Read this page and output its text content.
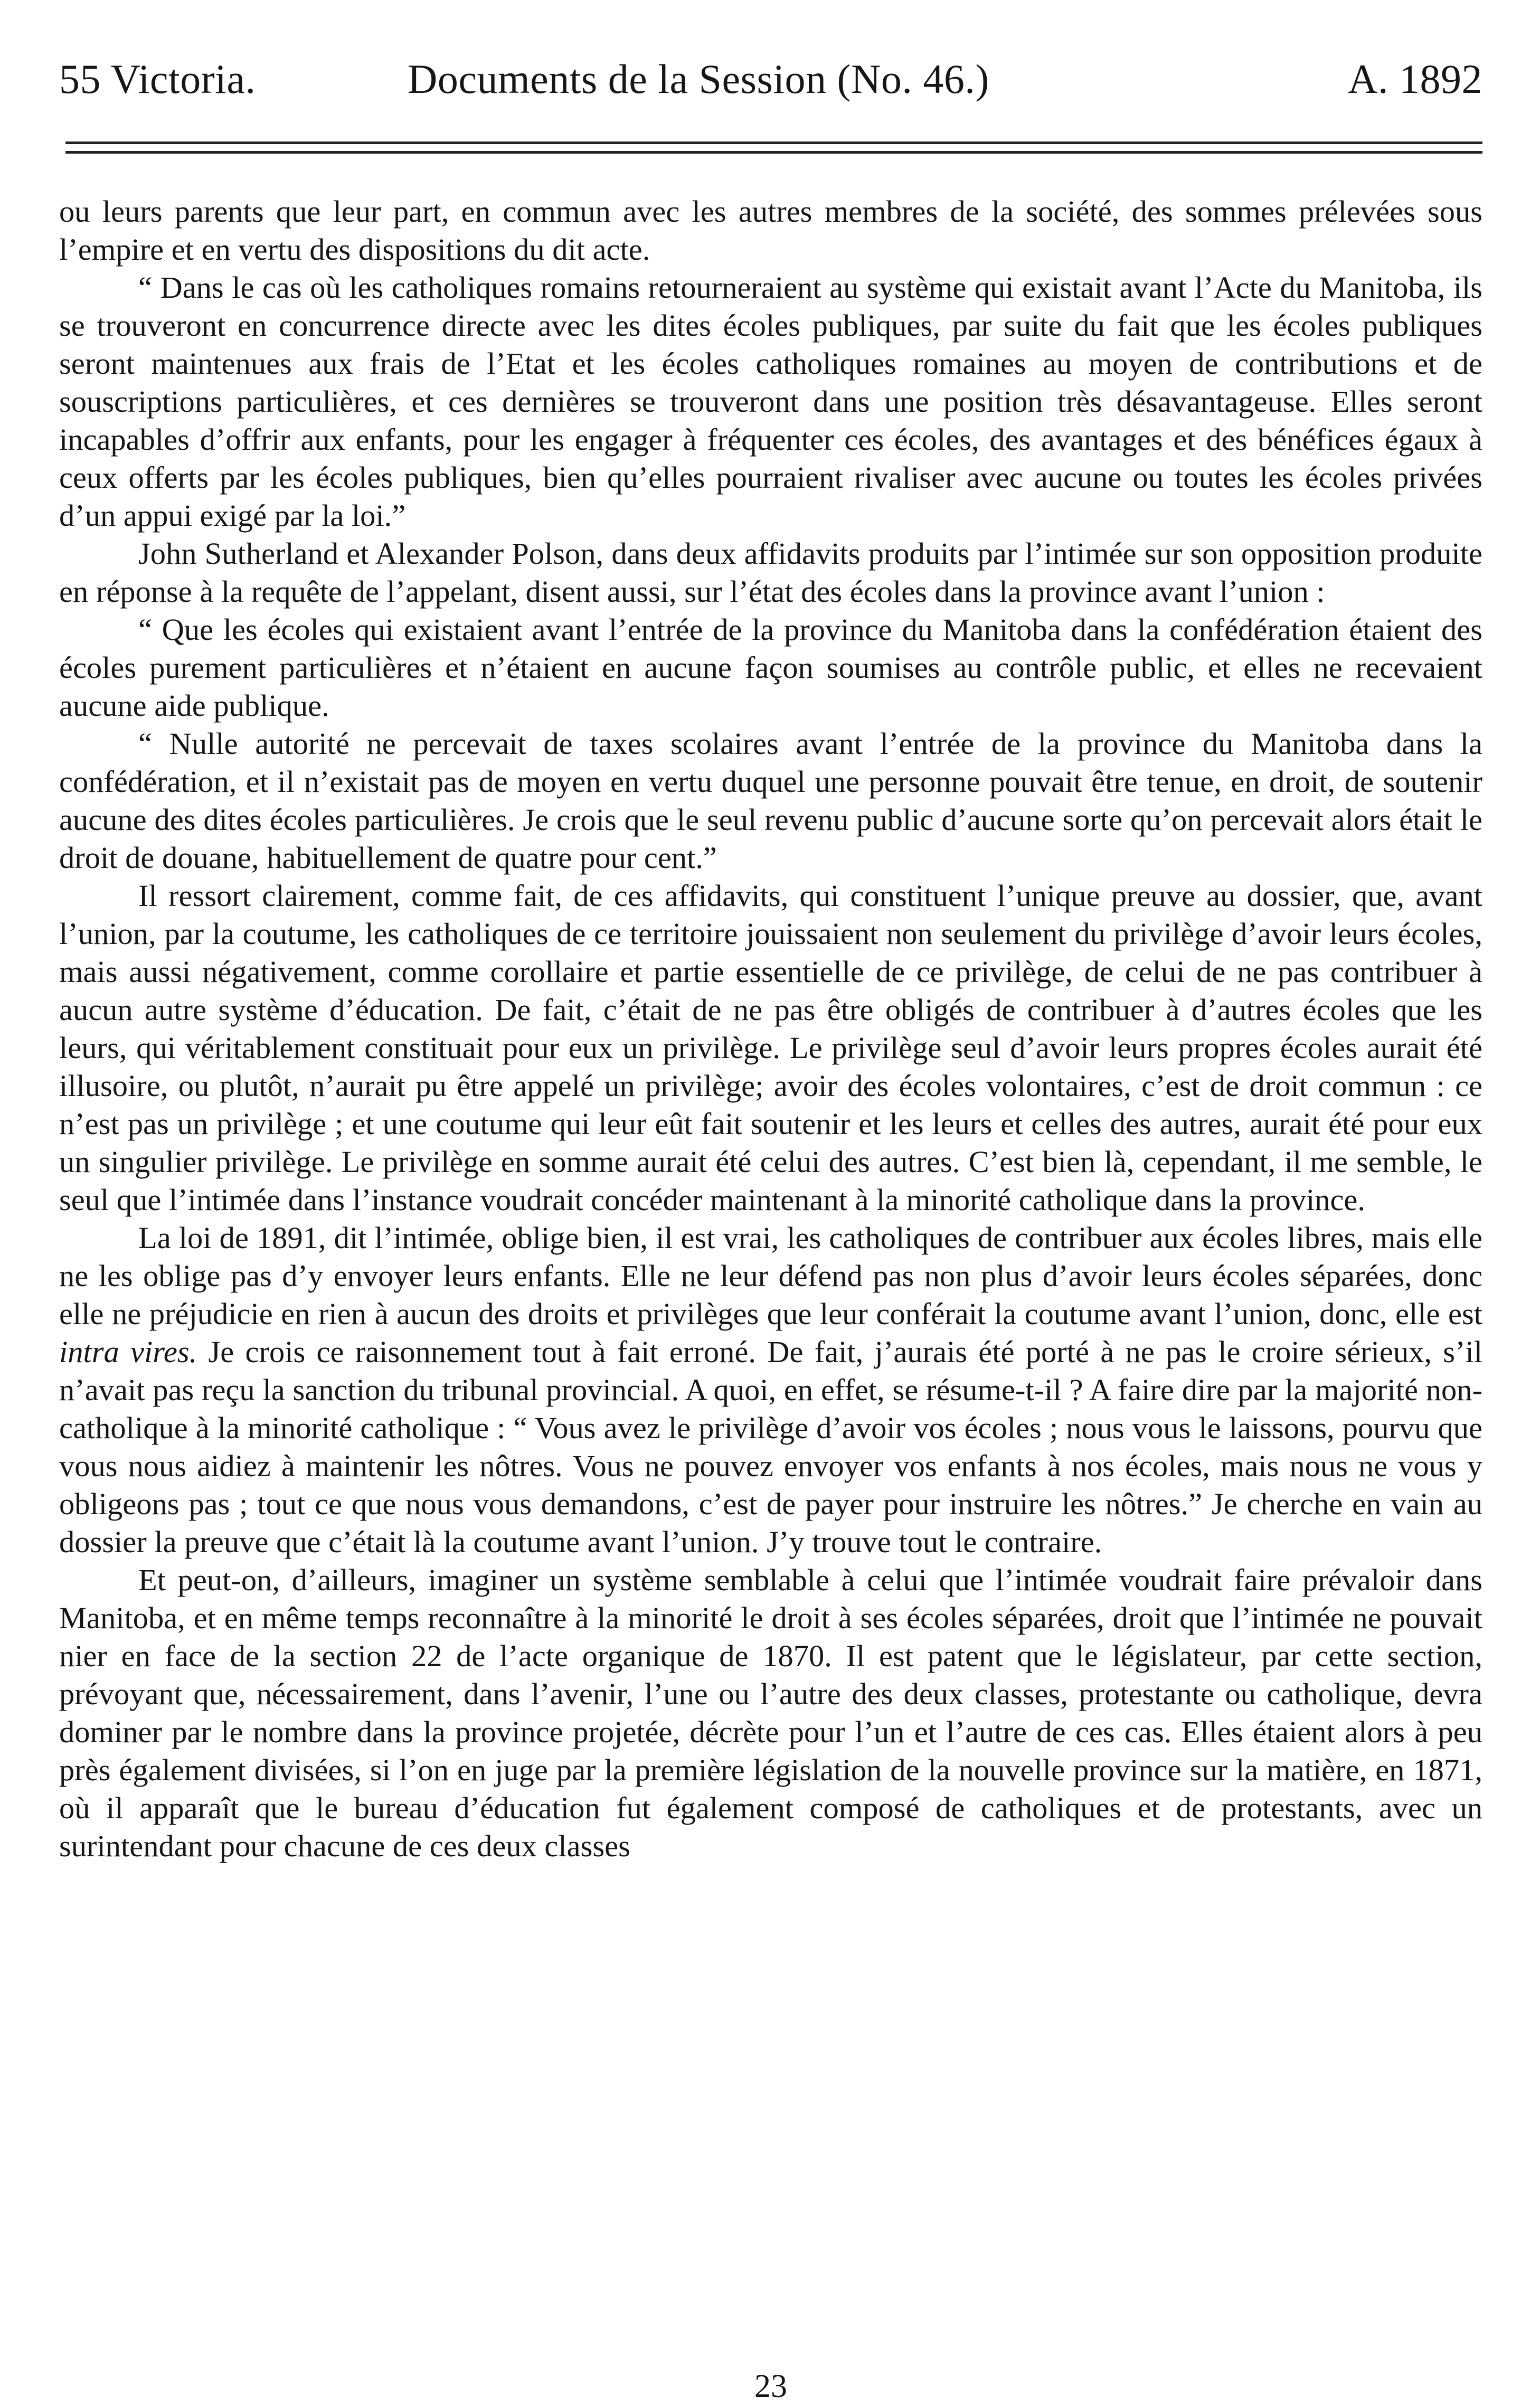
55 Victoria.	Documents de la Session (No. 46.)	A. 1892

ou leurs parents que leur part, en commun avec les autres membres de la société, des sommes prélevées sous l’empire et en vertu des dispositions du dit acte.

“ Dans le cas où les catholiques romains retourneraient au système qui existait avant l’Acte du Manitoba, ils se trouveront en concurrence directe avec les dites écoles publiques, par suite du fait que les écoles publiques seront maintenues aux frais de l’Etat et les écoles catholiques romaines au moyen de contributions et de souscriptions particulières, et ces dernières se trouveront dans une position très désavantageuse. Elles seront incapables d’offrir aux enfants, pour les engager à fréquenter ces écoles, des avantages et des bénéfices égaux à ceux offerts par les écoles publiques, bien qu’elles pourraient rivaliser avec aucune ou toutes les écoles privées d’un appui exigé par la loi.”

John Sutherland et Alexander Polson, dans deux affidavits produits par l’intimée sur son opposition produite en réponse à la requête de l’appelant, disent aussi, sur l’état des écoles dans la province avant l’union :

“ Que les écoles qui existaient avant l’entrée de la province du Manitoba dans la confédération étaient des écoles purement particulières et n’étaient en aucune façon soumises au contrôle public, et elles ne recevaient aucune aide publique.

“ Nulle autorité ne percevait de taxes scolaires avant l’entrée de la province du Manitoba dans la confédération, et il n’existait pas de moyen en vertu duquel une personne pouvait être tenue, en droit, de soutenir aucune des dites écoles particulières. Je crois que le seul revenu public d’aucune sorte qu’on percevait alors était le droit de douane, habituellement de quatre pour cent.”

Il ressort clairement, comme fait, de ces affidavits, qui constituent l’unique preuve au dossier, que, avant l’union, par la coutume, les catholiques de ce territoire jouissaient non seulement du privilège d’avoir leurs écoles, mais aussi négativement, comme corollaire et partie essentielle de ce privilège, de celui de ne pas contribuer à aucun autre système d’éducation. De fait, c’était de ne pas être obligés de contribuer à d’autres écoles que les leurs, qui véritablement constituait pour eux un privilège. Le privilège seul d’avoir leurs propres écoles aurait été illusoire, ou plutôt, n’aurait pu être appelé un privilège; avoir des écoles volontaires, c’est de droit commun : ce n’est pas un privilège ; et une coutume qui leur eût fait soutenir et les leurs et celles des autres, aurait été pour eux un singulier privilège. Le privilège en somme aurait été celui des autres. C’est bien là, cependant, il me semble, le seul que l’intimée dans l’instance voudrait concéder maintenant à la minorité catholique dans la province.

La loi de 1891, dit l’intimée, oblige bien, il est vrai, les catholiques de contribuer aux écoles libres, mais elle ne les oblige pas d’y envoyer leurs enfants. Elle ne leur défend pas non plus d’avoir leurs écoles séparées, donc elle ne préjudicie en rien à aucun des droits et privilèges que leur conférait la coutume avant l’union, donc, elle est intra vires. Je crois ce raisonnement tout à fait erroné. De fait, j’aurais été porté à ne pas le croire sérieux, s’il n’avait pas reçu la sanction du tribunal provincial. A quoi, en effet, se résume-t-il ? A faire dire par la majorité non-catholique à la minorité catholique : “ Vous avez le privilège d’avoir vos écoles ; nous vous le laissons, pourvu que vous nous aidiez à maintenir les nôtres. Vous ne pouvez envoyer vos enfants à nos écoles, mais nous ne vous y obligeons pas ; tout ce que nous vous demandons, c’est de payer pour instruire les nôtres.” Je cherche en vain au dossier la preuve que c’était là la coutume avant l’union. J’y trouve tout le contraire.

Et peut-on, d’ailleurs, imaginer un système semblable à celui que l’intimée voudrait faire prévaloir dans Manitoba, et en même temps reconnaître à la minorité le droit à ses écoles séparées, droit que l’intimée ne pouvait nier en face de la section 22 de l’acte organique de 1870. Il est patent que le législateur, par cette section, prévoyant que, nécessairement, dans l’avenir, l’une ou l’autre des deux classes, protestante ou catholique, devra dominer par le nombre dans la province projetée, décrète pour l’un et l’autre de ces cas. Elles étaient alors à peu près également divisées, si l’on en juge par la première législation de la nouvelle province sur la matière, en 1871, où il apparaît que le bureau d’éducation fut également composé de catholiques et de protestants, avec un surintendant pour chacune de ces deux classes

23
